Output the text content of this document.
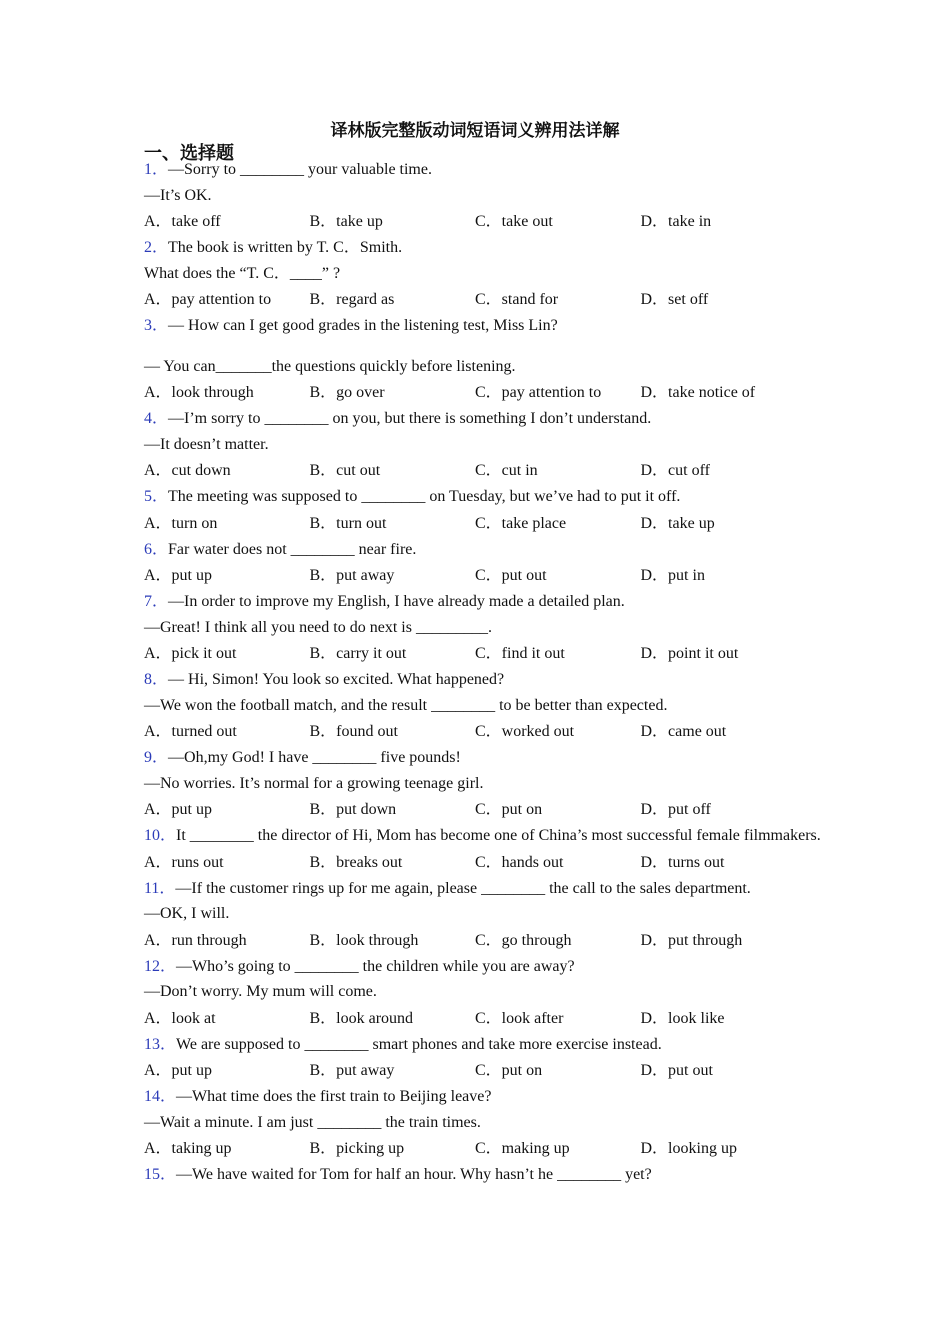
译林版完整版动词短语词义辨用法详解
一、选择题
1．—Sorry to ________ your valuable time.
—It’s OK.
A．take off	B．take up	C．take out	D．take in
2．The book is written by T. C．Smith.
What does the “T. C．____” ?
A．pay attention to	B．regard as	C．stand for	D．set off
3．— How can I get good grades in the listening test, Miss Lin?
— You can_______the questions quickly before listening.
A．look through	B．go over	C．pay attention to	D．take notice of
4．—I’m sorry to ________ on you, but there is something I don’t understand.
—It doesn’t matter.
A．cut down	B．cut out	C．cut in	D．cut off
5．The meeting was supposed to ________ on Tuesday, but we’ve had to put it off.
A．turn on	B．turn out	C．take place	D．take up
6．Far water does not ________ near fire.
A．put up	B．put away	C．put out	D．put in
7．—In order to improve my English, I have already made a detailed plan.
—Great! I think all you need to do next is _________.
A．pick it out	B．carry it out	C．find it out	D．point it out
8．— Hi, Simon! You look so excited. What happened?
—We won the football match, and the result ________ to be better than expected.
A．turned out	B．found out	C．worked out	D．came out
9．—Oh,my God! I have ________ five pounds!
—No worries. It’s normal for a growing teenage girl.
A．put up	B．put down	C．put on	D．put off
10．It ________ the director of Hi, Mom has become one of China’s most successful female filmmakers.
A．runs out	B．breaks out	C．hands out	D．turns out
11．—If the customer rings up for me again, please ________ the call to the sales department.
—OK, I will.
A．run through	B．look through	C．go through	D．put through
12．—Who’s going to ________ the children while you are away?
—Don’t worry. My mum will come.
A．look at	B．look around	C．look after	D．look like
13．We are supposed to ________ smart phones and take more exercise instead.
A．put up	B．put away	C．put on	D．put out
14．—What time does the first train to Beijing leave?
—Wait a minute. I am just ________ the train times.
A．taking up	B．picking up	C．making up	D．looking up
15．—We have waited for Tom for half an hour. Why hasn’t he ________ yet?
